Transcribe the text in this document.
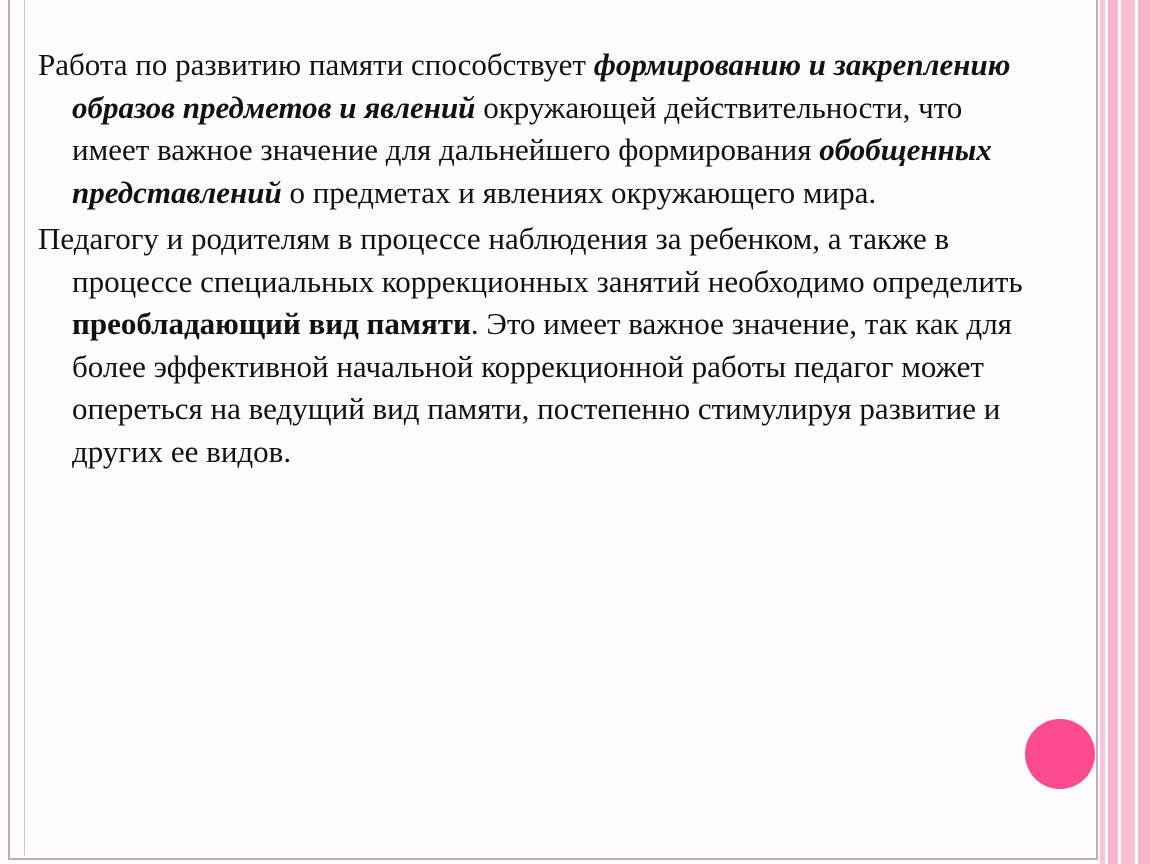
Работа по развитию памяти способствует формированию и закреплению образов предметов и явлений окружающей действительности, что имеет важное значение для дальнейшего формирования обобщенных представлений о предметах и явлениях окружающего мира.

Педагогу и родителям в процессе наблюдения за ребенком, а также в процессе специальных коррекционных занятий необходимо определить преобладающий вид памяти. Это имеет важное значение, так как для более эффективной начальной коррекционной работы педагог может опереться на ведущий вид памяти, постепенно стимулируя развитие и других ее видов.
